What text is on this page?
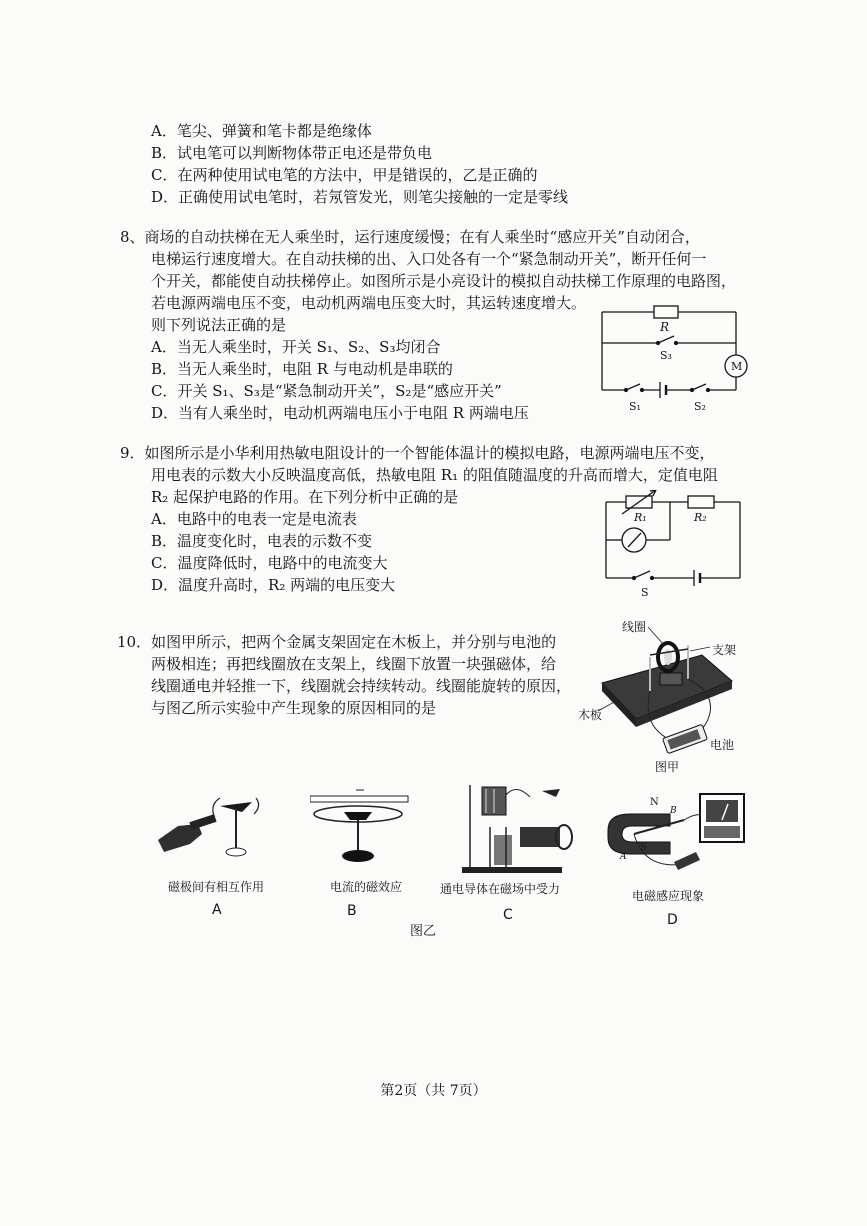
A．笔尖、弹簧和笔卡都是绝缘体
B．试电笔可以判断物体带正电还是带负电
C．在两种使用试电笔的方法中，甲是错误的，乙是正确的
D．正确使用试电笔时，若氖管发光，则笔尖接触的一定是零线
8、商场的自动扶梯在无人乘坐时，运行速度缓慢；在有人乘坐时“感应开关”自动闭合，
电梯运行速度增大。在自动扶梯的出、入口处各有一个“紧急制动开关”，断开任何一
个开关，都能使自动扶梯停止。如图所示是小亮设计的模拟自动扶梯工作原理的电路图，
若电源两端电压不变，电动机两端电压变大时，其运转速度增大。
则下列说法正确的是
A．当无人乘坐时，开关 S₁、S₂、S₃均闭合
B．当无人乘坐时，电阻 R 与电动机是串联的
C．开关 S₁、S₃是“紧急制动开关”，S₂是“感应开关”
D．当有人乘坐时，电动机两端电压小于电阻 R 两端电压
R
S₃
M
S₁	S₂
9．如图所示是小华利用热敏电阻设计的一个智能体温计的模拟电路，电源两端电压不变，
用电表的示数大小反映温度高低，热敏电阻 R₁ 的阻值随温度的升高而增大，定值电阻
R₂ 起保护电路的作用。在下列分析中正确的是
A．电路中的电表一定是电流表
B．温度变化时，电表的示数不变
C．温度降低时，电路中的电流变大
D．温度升高时，R₂ 两端的电压变大
R₁	R₂
S
10．如图甲所示，把两个金属支架固定在木板上，并分别与电池的
两极相连；再把线圈放在支架上，线圈下放置一块强磁体，给
线圈通电并轻推一下，线圈就会持续转动。线圈能旋转的原因，
与图乙所示实验中产生现象的原因相同的是
线圈
支架
木板
电池
图甲
磁极间有相互作用
A
电流的磁效应
B
通电导体在磁场中受力
C
N
S
A
B
电磁感应现象
D
图乙
第2页（共 7页）
